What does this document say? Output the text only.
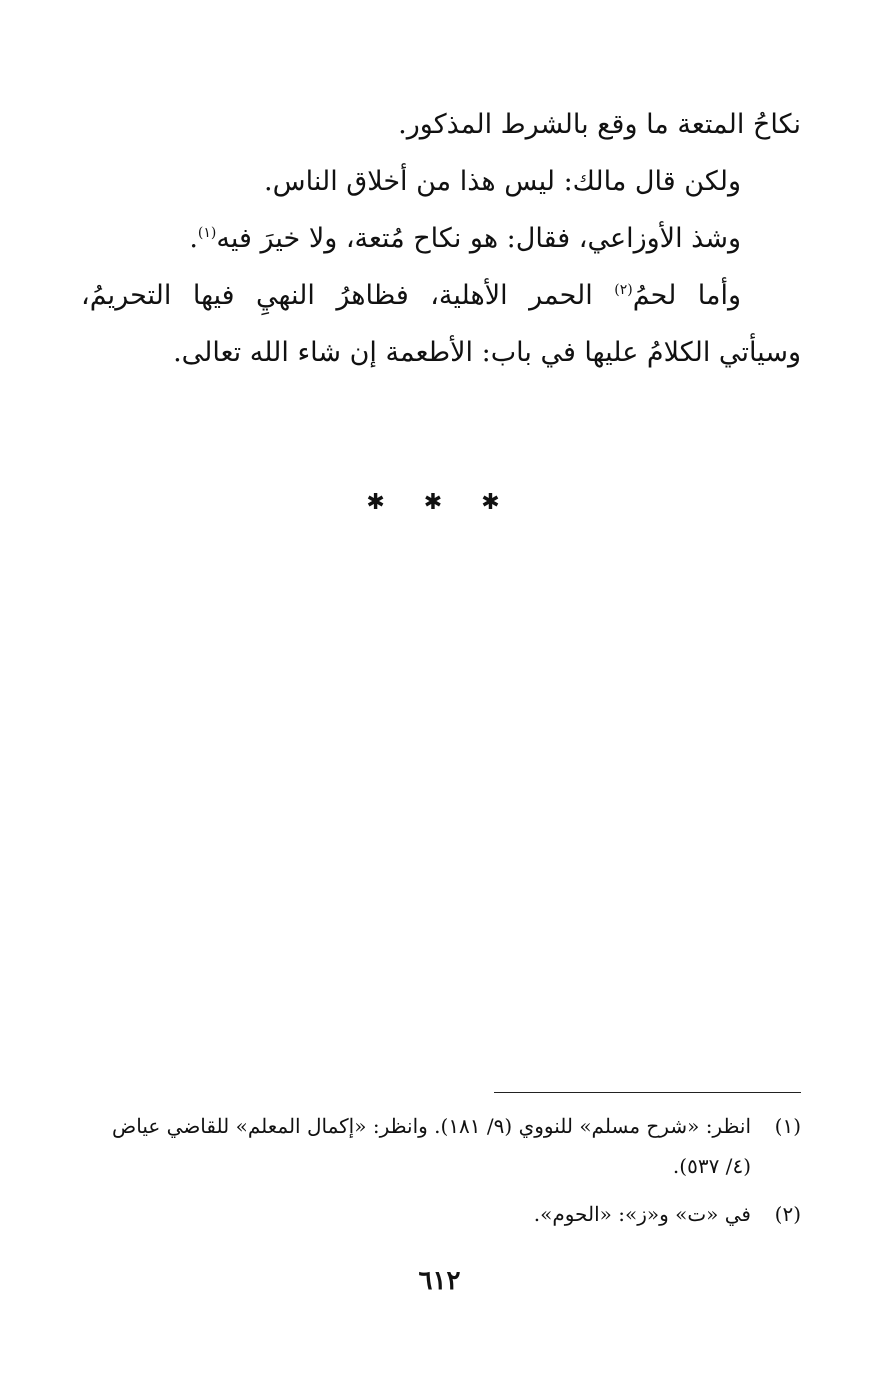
نكاحُ المتعة ما وقع بالشرط المذكور.

ولكن قال مالك: ليس هذا من أخلاق الناس.

وشذ الأوزاعي، فقال: هو نكاح مُتعة، ولا خيرَ فيه$^{(١)}$.

وأما لحمُ$^{(٢)}$ الحمر الأهلية، فظاهرُ النهيِ فيها التحريمُ، وسيأتي الكلامُ عليها في باب: الأطعمة إن شاء الله تعالى.

✱ ✱ ✱
(١)
انظر: «شرح مسلم» للنووي (٩/ ١٨١). وانظر: «إكمال المعلم» للقاضي عياض (٤/ ٥٣٧).
(٢)
في «ت» و«ز»: «الحوم».
٦١٢
